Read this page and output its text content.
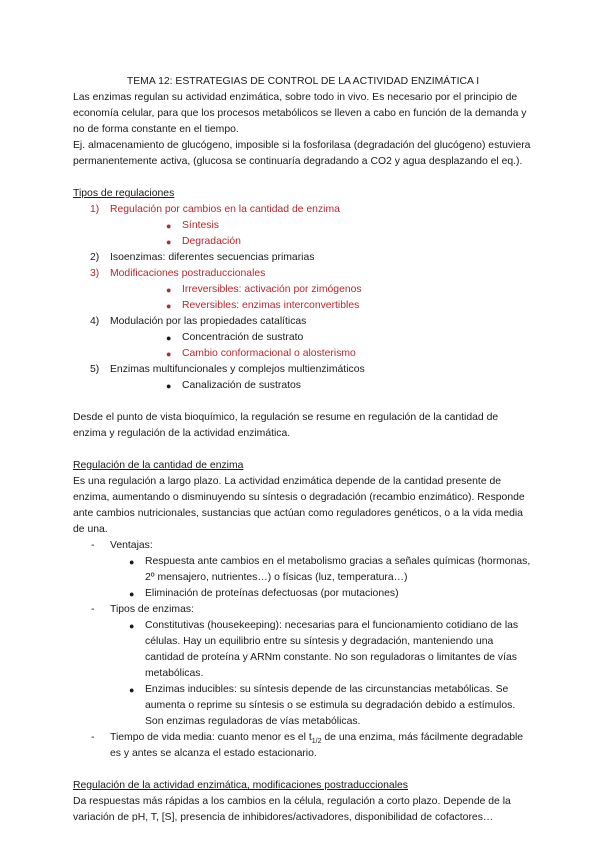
TEMA 12: ESTRATEGIAS DE CONTROL DE LA ACTIVIDAD ENZIMÁTICA I

Las enzimas regulan su actividad enzimática, sobre todo in vivo. Es necesario por el principio de economía celular, para que los procesos metabólicos se lleven a cabo en función de la demanda y no de forma constante en el tiempo.

Ej. almacenamiento de glucógeno, imposible si la fosforilasa (degradación del glucógeno) estuviera permanentemente activa, (glucosa se continuaría degradando a CO2 y agua desplazando el eq.).

Tipos de regulaciones

1) Regulación por cambios en la cantidad de enzima
● Síntesis
● Degradación
2) Isoenzimas: diferentes secuencias primarias
3) Modificaciones postraduccionales
● Irreversibles: activación por zimógenos
● Reversibles: enzimas interconvertibles
4) Modulación por las propiedades catalíticas
● Concentración de sustrato
● Cambio conformacional o alosterismo
5) Enzimas multifuncionales y complejos multienzimáticos
● Canalización de sustratos

Desde el punto de vista bioquímico, la regulación se resume en regulación de la cantidad de enzima y regulación de la actividad enzimática.

Regulación de la cantidad de enzima

Es una regulación a largo plazo. La actividad enzimática depende de la cantidad presente de enzima, aumentando o disminuyendo su síntesis o degradación (recambio enzimático). Responde ante cambios nutricionales, sustancias que actúan como reguladores genéticos, o a la vida media de una.

- Ventajas:
● Respuesta ante cambios en el metabolismo gracias a señales químicas (hormonas, 2º mensajero, nutrientes…) o físicas (luz, temperatura…)
● Eliminación de proteínas defectuosas (por mutaciones)
- Tipos de enzimas:
● Constitutivas (housekeeping): necesarias para el funcionamiento cotidiano de las células. Hay un equilibrio entre su síntesis y degradación, manteniendo una cantidad de proteína y ARNm constante. No son reguladoras o limitantes de vías metabólicas.
● Enzimas inducibles: su síntesis depende de las circunstancias metabólicas. Se aumenta o reprime su síntesis o se estimula su degradación debido a estímulos. Son enzimas reguladoras de vías metabólicas.
- Tiempo de vida media: cuanto menor es el $t_{1/2}$ de una enzima, más fácilmente degradable es y antes se alcanza el estado estacionario.

Regulación de la actividad enzimática, modificaciones postraduccionales

Da respuestas más rápidas a los cambios en la célula, regulación a corto plazo. Depende de la variación de pH, T, [S], presencia de inhibidores/activadores, disponibilidad de cofactores…
